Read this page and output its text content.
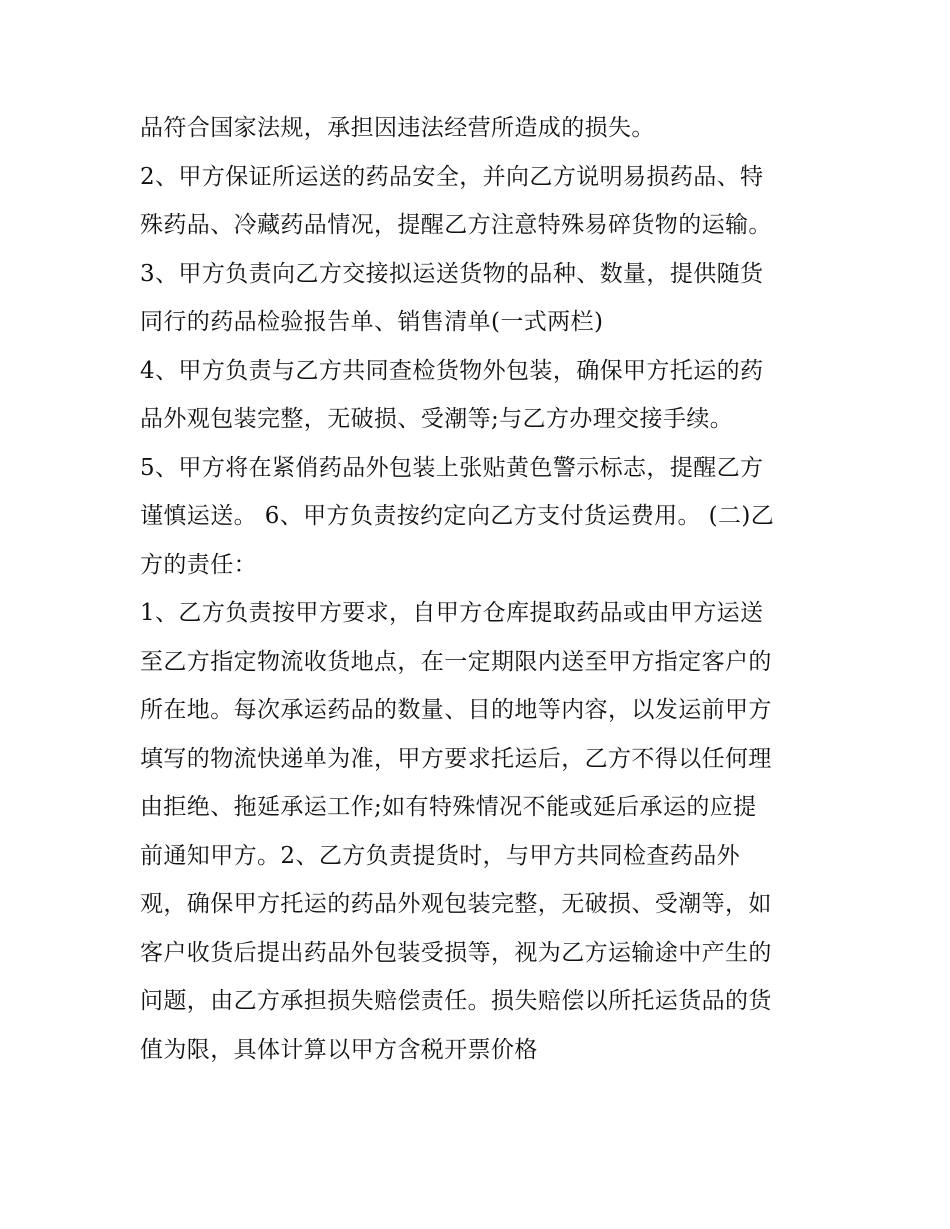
品符合国家法规，承担因违法经营所造成的损失。
2、甲方保证所运送的药品安全，并向乙方说明易损药品、特
殊药品、冷藏药品情况，提醒乙方注意特殊易碎货物的运输。
3、甲方负责向乙方交接拟运送货物的品种、数量，提供随货
同行的药品检验报告单、销售清单(一式两栏)
4、甲方负责与乙方共同查检货物外包装，确保甲方托运的药
品外观包装完整，无破损、受潮等;与乙方办理交接手续。
5、甲方将在紧俏药品外包装上张贴黄色警示标志，提醒乙方
谨慎运送。 6、甲方负责按约定向乙方支付货运费用。 (二)乙
方的责任：
1、乙方负责按甲方要求，自甲方仓库提取药品或由甲方运送
至乙方指定物流收货地点，在一定期限内送至甲方指定客户的
所在地。每次承运药品的数量、目的地等内容，以发运前甲方
填写的物流快递单为准，甲方要求托运后，乙方不得以任何理
由拒绝、拖延承运工作;如有特殊情况不能或延后承运的应提
前通知甲方。2、乙方负责提货时，与甲方共同检查药品外
观，确保甲方托运的药品外观包装完整，无破损、受潮等，如
客户收货后提出药品外包装受损等，视为乙方运输途中产生的
问题，由乙方承担损失赔偿责任。损失赔偿以所托运货品的货
值为限，具体计算以甲方含税开票价格
